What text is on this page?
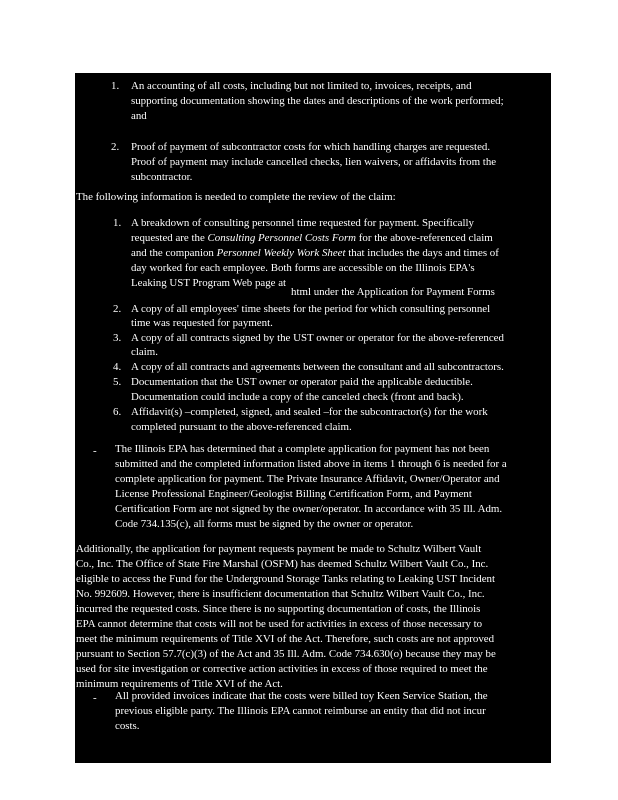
1. An accounting of all costs, including but not limited to, invoices, receipts, and
supporting documentation showing the dates and descriptions of the work performed;
and
2. Proof of payment of subcontractor costs for which handling charges are requested.
Proof of payment may include cancelled checks, lien waivers, or affidavits from the
subcontractor.
The following information is needed to complete the review of the claim:
1. A breakdown of consulting personnel time requested for payment. Specifically
requested are the Consulting Personnel Costs Form for the above-referenced claim
and the companion Personnel Weekly Work Sheet that includes the days and times of
day worked for each employee. Both forms are accessible on the Illinois EPA's
Leaking UST Program Web page at
html under the Application for Payment Forms
2. A copy of all employees' time sheets for the period for which consulting personnel
time was requested for payment.
3. A copy of all contracts signed by the UST owner or operator for the above-referenced
claim.
4. A copy of all contracts and agreements between the consultant and all subcontractors.
5. Documentation that the UST owner or operator paid the applicable deductible.
Documentation could include a copy of the canceled check (front and back).
6. Affidavit(s) –completed, signed, and sealed –for the subcontractor(s) for the work
completed pursuant to the above-referenced claim.
- The Illinois EPA has determined that a complete application for payment has not been
submitted and the completed information listed above in items 1 through 6 is needed for a
complete application for payment. The Private Insurance Affidavit, Owner/Operator and
License Professional Engineer/Geologist Billing Certification Form, and Payment
Certification Form are not signed by the owner/operator. In accordance with 35 Ill. Adm.
Code 734.135(c), all forms must be signed by the owner or operator.
Additionally, the application for payment requests payment be made to Schultz Wilbert Vault
Co., Inc. The Office of State Fire Marshal (OSFM) has deemed Schultz Wilbert Vault Co., Inc.
eligible to access the Fund for the Underground Storage Tanks relating to Leaking UST Incident
No. 992609. However, there is insufficient documentation that Schultz Wilbert Vault Co., Inc.
incurred the requested costs. Since there is no supporting documentation of costs, the Illinois
EPA cannot determine that costs will not be used for activities in excess of those necessary to
meet the minimum requirements of Title XVI of the Act. Therefore, such costs are not approved
pursuant to Section 57.7(c)(3) of the Act and 35 Ill. Adm. Code 734.630(o) because they may be
used for site investigation or corrective action activities in excess of those required to meet the
minimum requirements of Title XVI of the Act.
- All provided invoices indicate that the costs were billed toy Keen Service Station, the
previous eligible party. The Illinois EPA cannot reimburse an entity that did not incur
costs.
